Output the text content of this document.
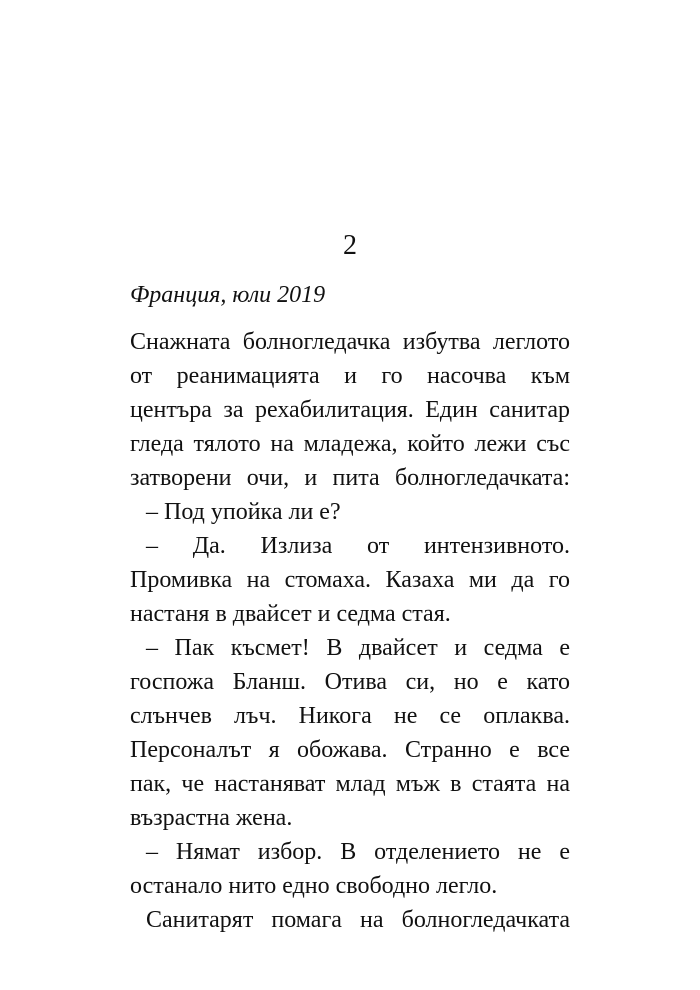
2
Франция, юли 2019
Снажната болногледачка избутва леглото
от реанимацията и го насочва към
центъра за рехабилитация. Един санитар
гледа тялото на младежа, който лежи със
затворени очи, и пита болногледачката:
– Под упойка ли е?
– Да. Излиза от интензивното.
Промивка на стомаха. Казаха ми да го
настаня в двайсет и седма стая.
– Пак късмет! В двайсет и седма е
госпожа Бланш. Отива си, но е като
слънчев лъч. Никога не се оплаква.
Персоналът я обожава. Странно е все
пак, че настаняват млад мъж в стаята на
възрастна жена.
– Нямат избор. В отделението не е
останало нито едно свободно легло.
Санитарят помага на болногледачката
